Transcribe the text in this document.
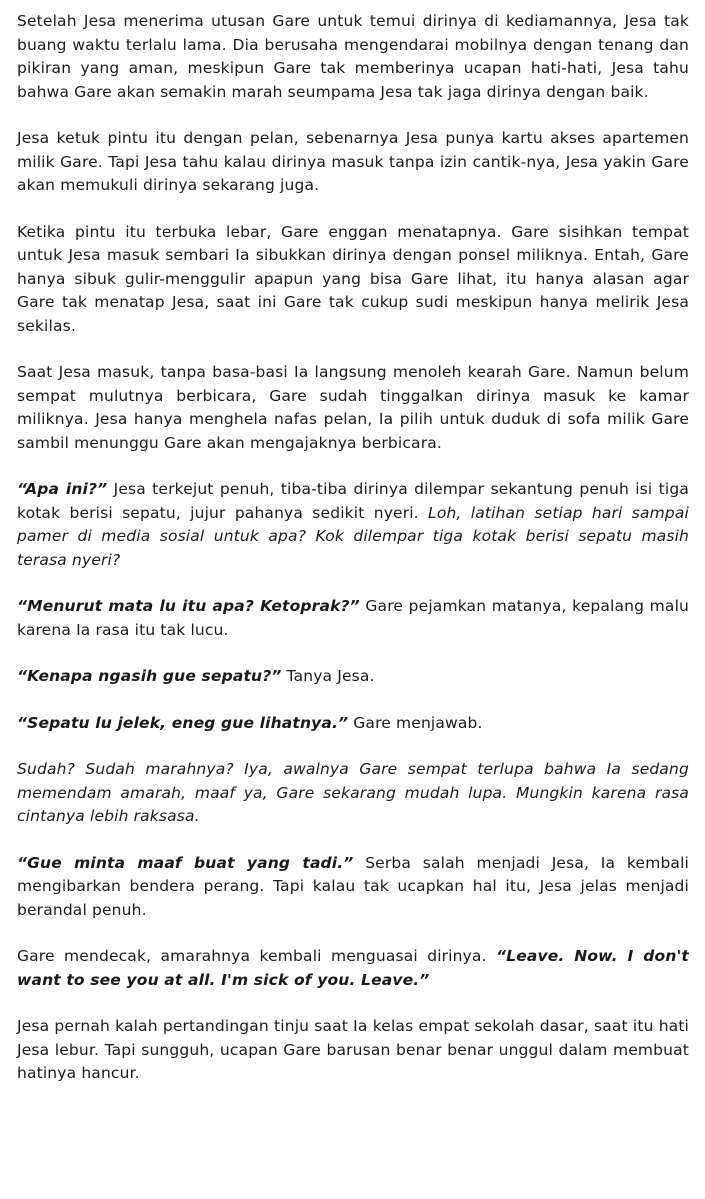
Setelah Jesa menerima utusan Gare untuk temui dirinya di kediamannya, Jesa tak buang waktu terlalu lama. Dia berusaha mengendarai mobilnya dengan tenang dan pikiran yang aman, meskipun Gare tak memberinya ucapan hati-hati, Jesa tahu bahwa Gare akan semakin marah seumpama Jesa tak jaga dirinya dengan baik.

Jesa ketuk pintu itu dengan pelan, sebenarnya Jesa punya kartu akses apartemen milik Gare. Tapi Jesa tahu kalau dirinya masuk tanpa izin cantik-nya, Jesa yakin Gare akan memukuli dirinya sekarang juga.

Ketika pintu itu terbuka lebar, Gare enggan menatapnya. Gare sisihkan tempat untuk Jesa masuk sembari Ia sibukkan dirinya dengan ponsel miliknya. Entah, Gare hanya sibuk gulir-menggulir apapun yang bisa Gare lihat, itu hanya alasan agar Gare tak menatap Jesa, saat ini Gare tak cukup sudi meskipun hanya melirik Jesa sekilas.

Saat Jesa masuk, tanpa basa-basi Ia langsung menoleh kearah Gare. Namun belum sempat mulutnya berbicara, Gare sudah tinggalkan dirinya masuk ke kamar miliknya. Jesa hanya menghela nafas pelan, Ia pilih untuk duduk di sofa milik Gare sambil menunggu Gare akan mengajaknya berbicara.

“Apa ini?” Jesa terkejut penuh, tiba-tiba dirinya dilempar sekantung penuh isi tiga kotak berisi sepatu, jujur pahanya sedikit nyeri. Loh, latihan setiap hari sampai pamer di media sosial untuk apa? Kok dilempar tiga kotak berisi sepatu masih terasa nyeri?

“Menurut mata lu itu apa? Ketoprak?” Gare pejamkan matanya, kepalang malu karena Ia rasa itu tak lucu.

“Kenapa ngasih gue sepatu?” Tanya Jesa.

“Sepatu lu jelek, eneg gue lihatnya.” Gare menjawab.

Sudah? Sudah marahnya? Iya, awalnya Gare sempat terlupa bahwa Ia sedang memendam amarah, maaf ya, Gare sekarang mudah lupa. Mungkin karena rasa cintanya lebih raksasa.

“Gue minta maaf buat yang tadi.” Serba salah menjadi Jesa, Ia kembali mengibarkan bendera perang. Tapi kalau tak ucapkan hal itu, Jesa jelas menjadi berandal penuh.

Gare mendecak, amarahnya kembali menguasai dirinya. “Leave. Now. I don't want to see you at all. I'm sick of you. Leave.”

Jesa pernah kalah pertandingan tinju saat Ia kelas empat sekolah dasar, saat itu hati Jesa lebur. Tapi sungguh, ucapan Gare barusan benar benar unggul dalam membuat hatinya hancur.
